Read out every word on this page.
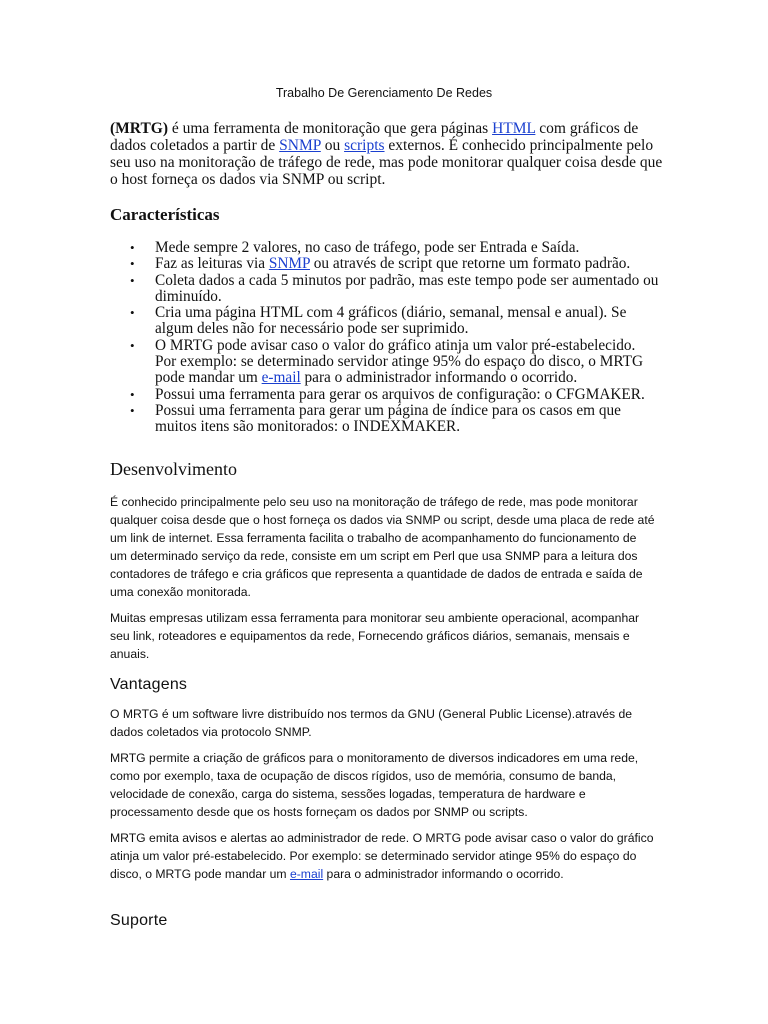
Trabalho De Gerenciamento De Redes

(MRTG) é uma ferramenta de monitoração que gera páginas HTML com gráficos de dados coletados a partir de SNMP ou scripts externos. É conhecido principalmente pelo seu uso na monitoração de tráfego de rede, mas pode monitorar qualquer coisa desde que o host forneça os dados via SNMP ou script.

Características
• Mede sempre 2 valores, no caso de tráfego, pode ser Entrada e Saída.
• Faz as leituras via SNMP ou através de script que retorne um formato padrão.
• Coleta dados a cada 5 minutos por padrão, mas este tempo pode ser aumentado ou diminuído.
• Cria uma página HTML com 4 gráficos (diário, semanal, mensal e anual). Se algum deles não for necessário pode ser suprimido.
• O MRTG pode avisar caso o valor do gráfico atinja um valor pré-estabelecido. Por exemplo: se determinado servidor atinge 95% do espaço do disco, o MRTG pode mandar um e-mail para o administrador informando o ocorrido.
• Possui uma ferramenta para gerar os arquivos de configuração: o CFGMAKER.
• Possui uma ferramenta para gerar um página de índice para os casos em que muitos itens são monitorados: o INDEXMAKER.
Desenvolvimento

É conhecido principalmente pelo seu uso na monitoração de tráfego de rede, mas pode monitorar qualquer coisa desde que o host forneça os dados via SNMP ou script, desde uma placa de rede até um link de internet. Essa ferramenta facilita o trabalho de acompanhamento do funcionamento de um determinado serviço da rede, consiste em um script em Perl que usa SNMP para a leitura dos contadores de tráfego e cria gráficos que representa a quantidade de dados de entrada e saída de uma conexão monitorada.

Muitas empresas utilizam essa ferramenta para monitorar seu ambiente operacional, acompanhar seu link, roteadores e equipamentos da rede, Fornecendo gráficos diários, semanais, mensais e anuais.

Vantagens

O MRTG é um software livre distribuído nos termos da GNU (General Public License).através de dados coletados via protocolo SNMP.

MRTG permite a criação de gráficos para o monitoramento de diversos indicadores em uma rede, como por exemplo, taxa de ocupação de discos rígidos, uso de memória, consumo de banda, velocidade de conexão, carga do sistema, sessões logadas, temperatura de hardware e processamento desde que os hosts forneçam os dados por SNMP ou scripts.

MRTG emita avisos e alertas ao administrador de rede. O MRTG pode avisar caso o valor do gráfico atinja um valor pré-estabelecido. Por exemplo: se determinado servidor atinge 95% do espaço do disco, o MRTG pode mandar um e-mail para o administrador informando o ocorrido.

Suporte
